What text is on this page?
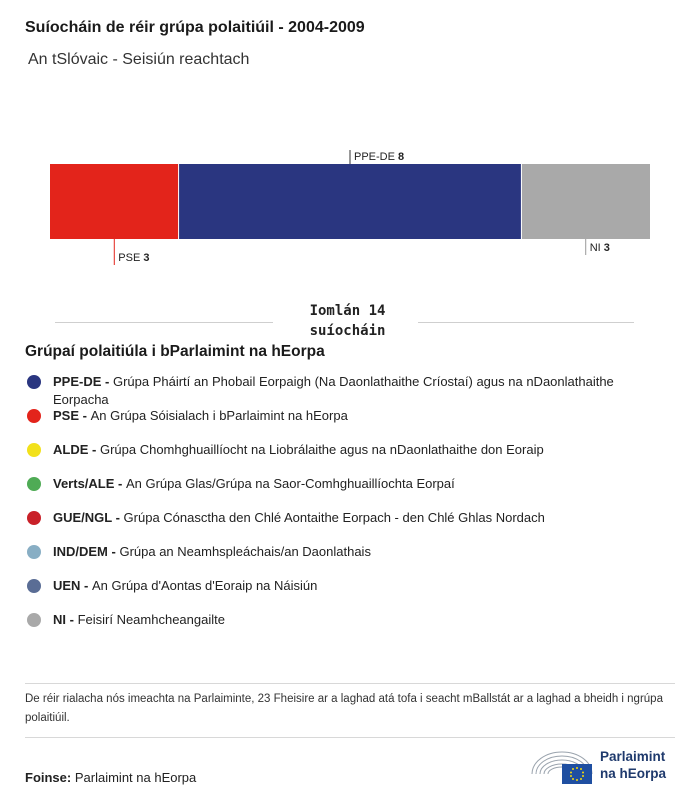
Suíocháin de réir grúpa polaitiúil - 2004-2009
An tSlóvaic - Seisiún reachtach
PSE 3
PPE-DE 8
NI 3
Iomlán 14
suíocháin
Grúpaí polaitiúla i bParlaimint na hEorpa
PPE-DE - Grúpa Pháirtí an Phobail Eorpaigh (Na Daonlathaithe Críostaí) agus na nDaonlathaithe Eorpacha
PSE - An Grúpa Sóisialach i bParlaimint na hEorpa
ALDE - Grúpa Chomhghuaillíocht na Liobrálaithe agus na nDaonlathaithe don Eoraip
Verts/ALE - An Grúpa Glas/Grúpa na Saor-Comhghuaillíochta Eorpaí
GUE/NGL - Grúpa Cónasctha den Chlé Aontaithe Eorpach - den Chlé Ghlas Nordach
IND/DEM - Grúpa an Neamhspleáchais/an Daonlathais
UEN - An Grúpa d'Aontas d'Eoraip na Náisiún
NI - Feisirí Neamhcheangailte
De réir rialacha nós imeachta na Parlaiminte, 23 Fheisire ar a laghad atá tofa i seacht mBallstát ar a laghad a bheidh i ngrúpa polaitiúil.
Foinse: Parlaimint na hEorpa
Parlaimint
na hEorpa
